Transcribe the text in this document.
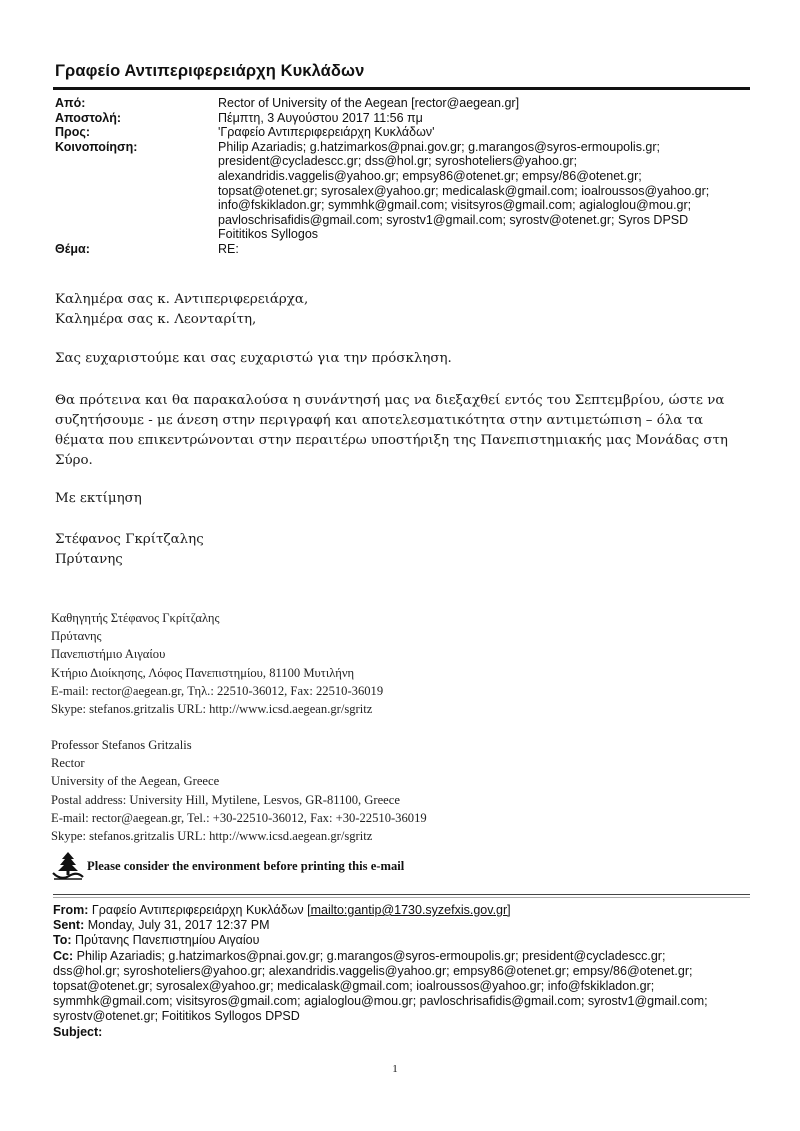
Γραφείο Αντιπεριφερειάρχη Κυκλάδων
Από:	Rector of University of the Aegean [rector@aegean.gr]
Αποστολή:	Πέμπτη, 3 Αυγούστου 2017 11:56 πμ
Προς:	'Γραφείο Αντιπεριφερειάρχη Κυκλάδων'
Κοινοποίηση:	Philip Azariadis; g.hatzimarkos@pnai.gov.gr; g.marangos@syros-ermoupolis.gr;
president@cycladescc.gr; dss@hol.gr; syroshoteliers@yahoo.gr;
alexandridis.vaggelis@yahoo.gr; empsy86@otenet.gr; empsy/86@otenet.gr;
topsat@otenet.gr; syrosalex@yahoo.gr; medicalask@gmail.com; ioalroussos@yahoo.gr;
info@fskikladon.gr; symmhk@gmail.com; visitsyros@gmail.com; agialoglou@mou.gr;
pavloschrisafidis@gmail.com; syrostv1@gmail.com; syrostv@otenet.gr; Syros DPSD
Foititikos Syllogos
Θέμα:	RE:
Καλημέρα σας κ. Αντιπεριφερειάρχα,
Καλημέρα σας κ. Λεονταρίτη,
Σας ευχαριστούμε και σας ευχαριστώ για την πρόσκληση.
Θα πρότεινα και θα παρακαλούσα η συνάντησή μας να διεξαχθεί εντός του Σεπτεμβρίου, ώστε να
συζητήσουμε - με άνεση στην περιγραφή και αποτελεσματικότητα στην αντιμετώπιση – όλα τα
θέματα που επικεντρώνονται στην περαιτέρω υποστήριξη της Πανεπιστημιακής μας Μονάδας στη
Σύρο.
Με εκτίμηση
Στέφανος Γκρίτζαλης
Πρύτανης
Καθηγητής Στέφανος Γκρίτζαλης
Πρύτανης
Πανεπιστήμιο Αιγαίου
Κτήριο Διοίκησης, Λόφος Πανεπιστημίου, 81100 Μυτιλήνη
E-mail: rector@aegean.gr, Τηλ.: 22510-36012, Fax: 22510-36019
Skype: stefanos.gritzalis URL: http://www.icsd.aegean.gr/sgritz
Professor Stefanos Gritzalis
Rector
University of the Aegean, Greece
Postal address: University Hill, Mytilene, Lesvos, GR-81100, Greece
E-mail: rector@aegean.gr, Tel.: +30-22510-36012, Fax: +30-22510-36019
Skype: stefanos.gritzalis URL: http://www.icsd.aegean.gr/sgritz
Please consider the environment before printing this e-mail
From: Γραφείο Αντιπεριφερειάρχη Κυκλάδων [mailto:gantip@1730.syzefxis.gov.gr]
Sent: Monday, July 31, 2017 12:37 PM
To: Πρύτανης Πανεπιστημίου Αιγαίου
Cc: Philip Azariadis; g.hatzimarkos@pnai.gov.gr; g.marangos@syros-ermoupolis.gr; president@cycladescc.gr;
dss@hol.gr; syroshoteliers@yahoo.gr; alexandridis.vaggelis@yahoo.gr; empsy86@otenet.gr; empsy/86@otenet.gr;
topsat@otenet.gr; syrosalex@yahoo.gr; medicalask@gmail.com; ioalroussos@yahoo.gr; info@fskikladon.gr;
symmhk@gmail.com; visitsyros@gmail.com; agialoglou@mou.gr; pavloschrisafidis@gmail.com; syrostv1@gmail.com;
syrostv@otenet.gr; Foititikos Syllogos DPSD
Subject:
1
